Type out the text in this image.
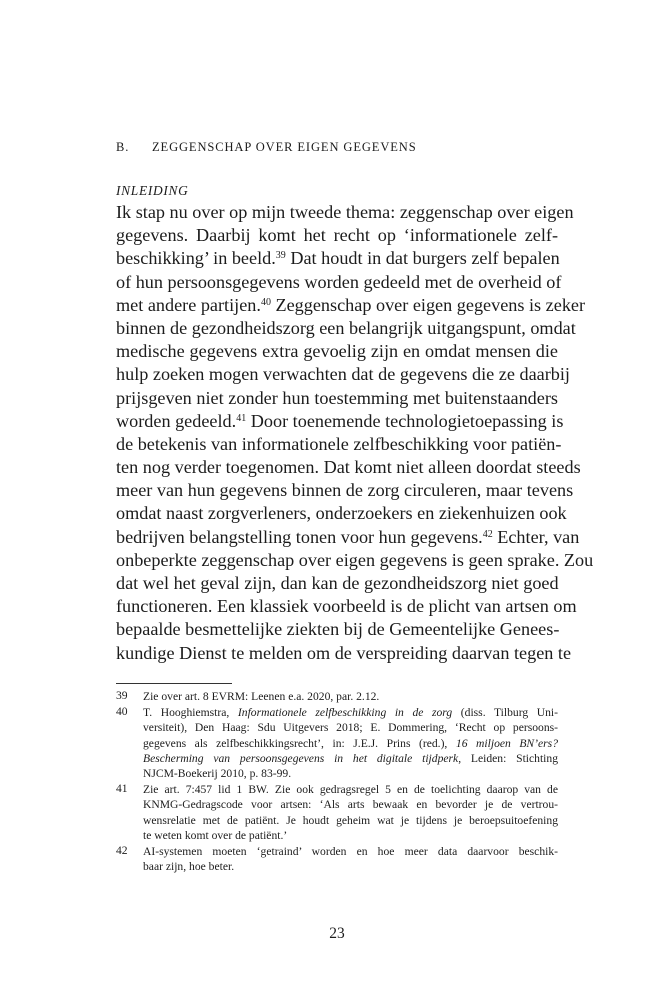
B. ZEGGENSCHAP OVER EIGEN GEGEVENS
INLEIDING
Ik stap nu over op mijn tweede thema: zeggenschap over eigen
gegevens. Daarbij komt het recht op ‘informationele zelf-
beschikking’ in beeld.$^{39}$ Dat houdt in dat burgers zelf bepalen
of hun persoonsgegevens worden gedeeld met de overheid of
met andere partijen.$^{40}$ Zeggenschap over eigen gegevens is zeker
binnen de gezondheidszorg een belangrijk uitgangspunt, omdat
medische gegevens extra gevoelig zijn en omdat mensen die
hulp zoeken mogen verwachten dat de gegevens die ze daarbij
prijsgeven niet zonder hun toestemming met buitenstaanders
worden gedeeld.$^{41}$ Door toenemende technologietoepassing is
de betekenis van informationele zelfbeschikking voor patiën-
ten nog verder toegenomen. Dat komt niet alleen doordat steeds
meer van hun gegevens binnen de zorg circuleren, maar tevens
omdat naast zorgverleners, onderzoekers en ziekenhuizen ook
bedrijven belangstelling tonen voor hun gegevens.$^{42}$ Echter, van
onbeperkte zeggenschap over eigen gegevens is geen sprake. Zou
dat wel het geval zijn, dan kan de gezondheidszorg niet goed
functioneren. Een klassiek voorbeeld is de plicht van artsen om
bepaalde besmettelijke ziekten bij de Gemeentelijke Genees-
kundige Dienst te melden om de verspreiding daarvan tegen te
39 Zie over art. 8 EVRM: Leenen e.a. 2020, par. 2.12.
40 T. Hooghiemstra, Informationele zelfbeschikking in de zorg (diss. Tilburg Uni-
versiteit), Den Haag: Sdu Uitgevers 2018; E. Dommering, ‘Recht op persoons-
gegevens als zelfbeschikkingsrecht’, in: J.E.J. Prins (red.), 16 miljoen BN’ers?
Bescherming van persoonsgegevens in het digitale tijdperk, Leiden: Stichting
NJCM-Boekerij 2010, p. 83-99.
41 Zie art. 7:457 lid 1 BW. Zie ook gedragsregel 5 en de toelichting daarop van de
KNMG-Gedragscode voor artsen: ‘Als arts bewaak en bevorder je de vertrou-
wensrelatie met de patiënt. Je houdt geheim wat je tijdens je beroepsuitoefening
te weten komt over de patiënt.’
42 AI-systemen moeten ‘getraind’ worden en hoe meer data daarvoor beschik-
baar zijn, hoe beter.
23
